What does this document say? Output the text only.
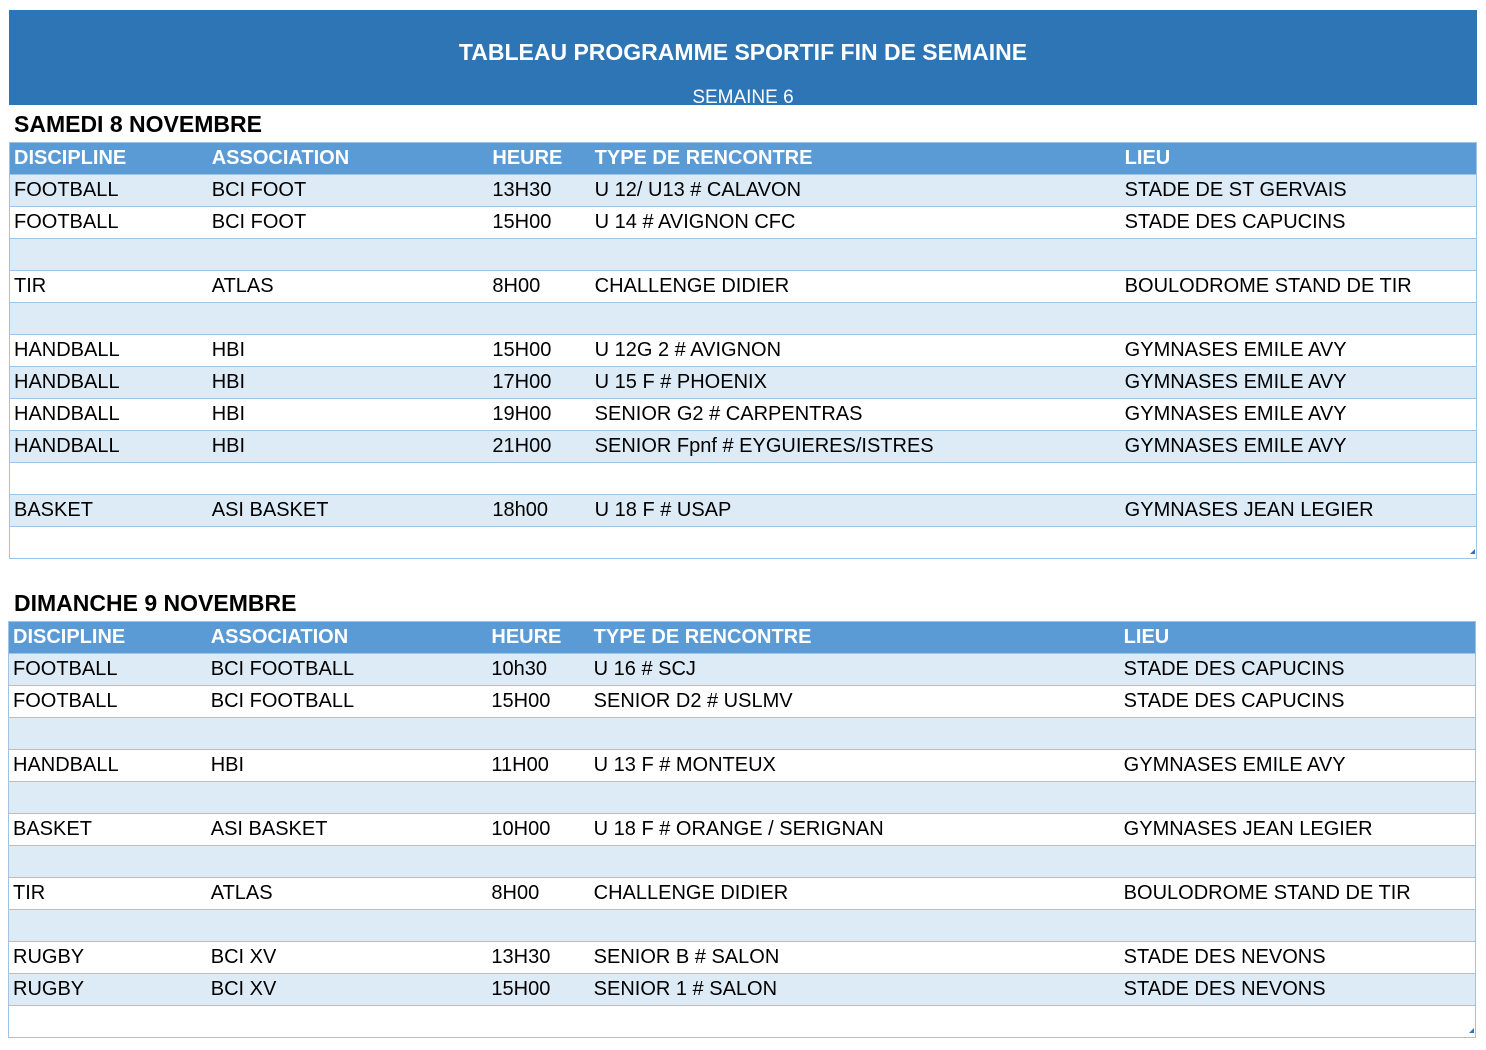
TABLEAU PROGRAMME SPORTIF FIN DE SEMAINE
SEMAINE 6
SAMEDI 8 NOVEMBRE
DISCIPLINE	ASSOCIATION	HEURE	TYPE DE RENCONTRE	LIEU
FOOTBALL	BCI FOOT	13H30	U 12/ U13 # CALAVON	STADE DE ST GERVAIS
FOOTBALL	BCI FOOT	15H00	U 14 # AVIGNON CFC	STADE DES CAPUCINS

TIR	ATLAS	8H00	CHALLENGE DIDIER	BOULODROME STAND DE TIR

HANDBALL	HBI	15H00	U 12G 2 # AVIGNON	GYMNASES EMILE AVY
HANDBALL	HBI	17H00	U 15 F # PHOENIX	GYMNASES EMILE AVY
HANDBALL	HBI	19H00	SENIOR G2 # CARPENTRAS	GYMNASES EMILE AVY
HANDBALL	HBI	21H00	SENIOR Fpnf # EYGUIERES/ISTRES	GYMNASES EMILE AVY

BASKET	ASI BASKET	18h00	U 18 F # USAP	GYMNASES JEAN LEGIER

DIMANCHE 9 NOVEMBRE
DISCIPLINE	ASSOCIATION	HEURE	TYPE DE RENCONTRE	LIEU
FOOTBALL	BCI FOOTBALL	10h30	U 16 # SCJ	STADE DES CAPUCINS
FOOTBALL	BCI FOOTBALL	15H00	SENIOR D2 # USLMV	STADE DES CAPUCINS

HANDBALL	HBI	11H00	U 13 F # MONTEUX	GYMNASES EMILE AVY

BASKET	ASI BASKET	10H00	U 18 F # ORANGE / SERIGNAN	GYMNASES JEAN LEGIER

TIR	ATLAS	8H00	CHALLENGE DIDIER	BOULODROME STAND DE TIR

RUGBY	BCI XV	13H30	SENIOR B # SALON	STADE DES NEVONS
RUGBY	BCI XV	15H00	SENIOR 1 # SALON	STADE DES NEVONS
